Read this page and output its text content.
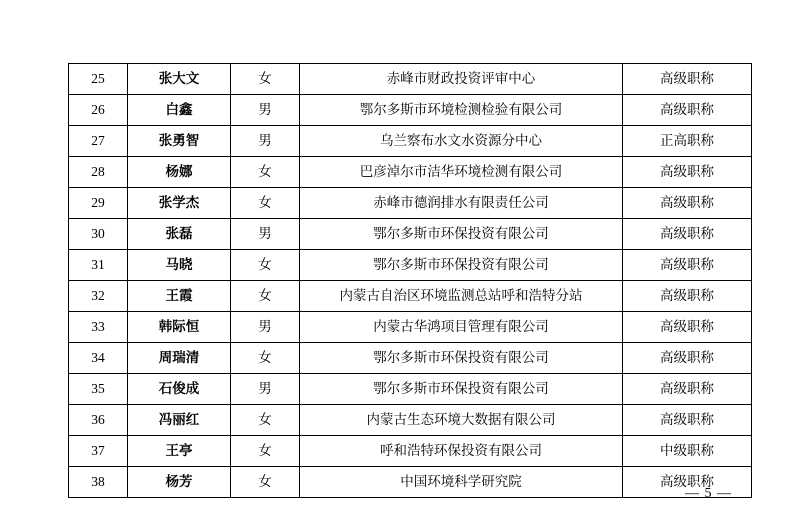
25	张大文	女	赤峰市财政投资评审中心	高级职称
26	白鑫	男	鄂尔多斯市环境检测检验有限公司	高级职称
27	张勇智	男	乌兰察布水文水资源分中心	正高职称
28	杨娜	女	巴彦淖尔市洁华环境检测有限公司	高级职称
29	张学杰	女	赤峰市德润排水有限责任公司	高级职称
30	张磊	男	鄂尔多斯市环保投资有限公司	高级职称
31	马晓	女	鄂尔多斯市环保投资有限公司	高级职称
32	王霞	女	内蒙古自治区环境监测总站呼和浩特分站	高级职称
33	韩际恒	男	内蒙古华鸿项目管理有限公司	高级职称
34	周瑞清	女	鄂尔多斯市环保投资有限公司	高级职称
35	石俊成	男	鄂尔多斯市环保投资有限公司	高级职称
36	冯丽红	女	内蒙古生态环境大数据有限公司	高级职称
37	王亭	女	呼和浩特环保投资有限公司	中级职称
38	杨芳	女	中国环境科学研究院	高级职称
— 5 —
